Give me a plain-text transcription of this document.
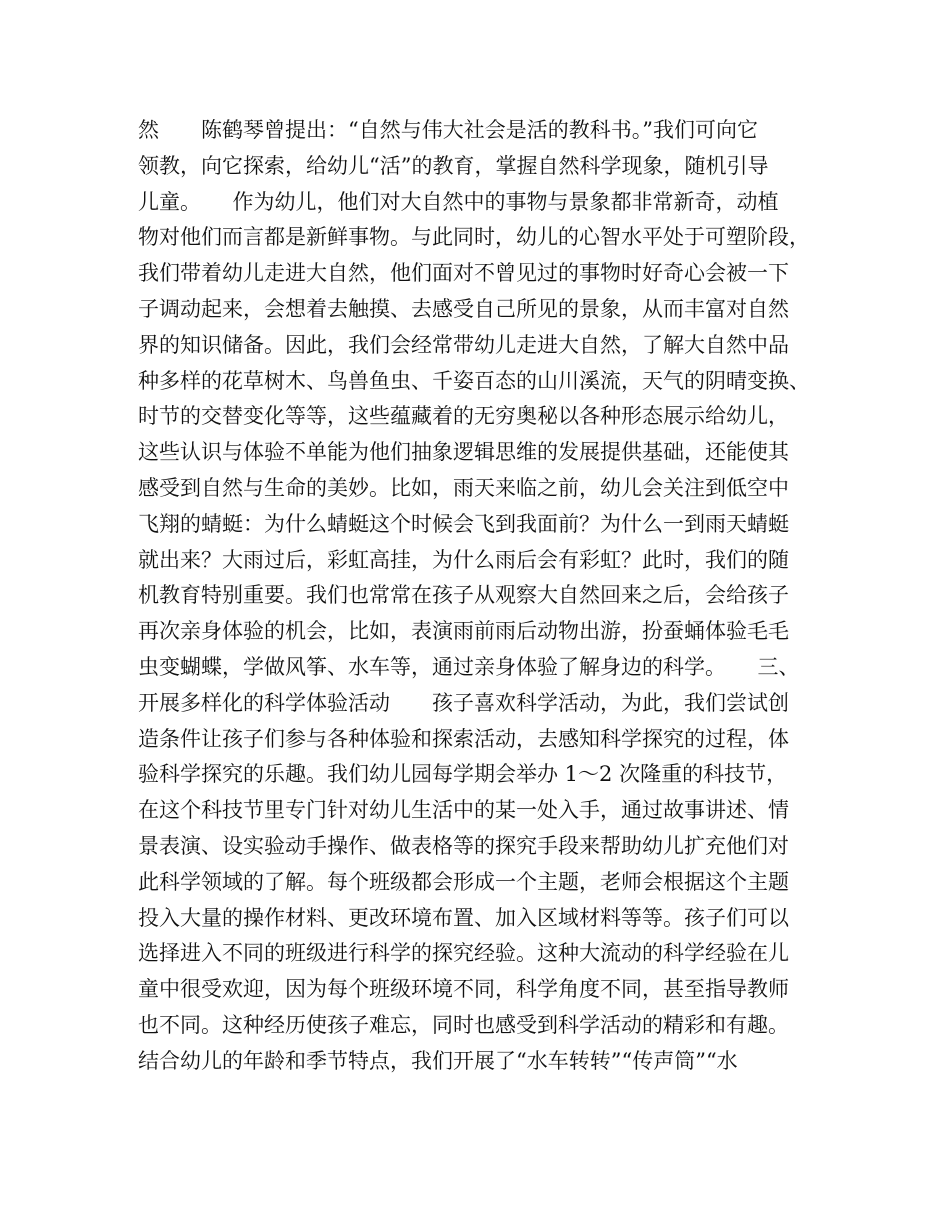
然　　陈鹤琴曾提出：“自然与伟大社会是活的教科书。”我们可向它
领教，向它探索，给幼儿“活”的教育，掌握自然科学现象，随机引导
儿童。　　作为幼儿，他们对大自然中的事物与景象都非常新奇，动植
物对他们而言都是新鲜事物。与此同时，幼儿的心智水平处于可塑阶段，
我们带着幼儿走进大自然，他们面对不曾见过的事物时好奇心会被一下
子调动起来，会想着去触摸、去感受自己所见的景象，从而丰富对自然
界的知识储备。因此，我们会经常带幼儿走进大自然，了解大自然中品
种多样的花草树木、鸟兽鱼虫、千姿百态的山川溪流，天气的阴晴变换、
时节的交替变化等等，这些蕴藏着的无穷奥秘以各种形态展示给幼儿，
这些认识与体验不单能为他们抽象逻辑思维的发展提供基础，还能使其
感受到自然与生命的美妙。比如，雨天来临之前，幼儿会关注到低空中
飞翔的蜻蜓：为什么蜻蜓这个时候会飞到我面前？为什么一到雨天蜻蜓
就出来？大雨过后，彩虹高挂，为什么雨后会有彩虹？此时，我们的随
机教育特别重要。我们也常常在孩子从观察大自然回来之后，会给孩子
再次亲身体验的机会，比如，表演雨前雨后动物出游，扮蚕蛹体验毛毛
虫变蝴蝶，学做风筝、水车等，通过亲身体验了解身边的科学。　　三、
开展多样化的科学体验活动　　孩子喜欢科学活动，为此，我们尝试创
造条件让孩子们参与各种体验和探索活动，去感知科学探究的过程，体
验科学探究的乐趣。我们幼儿园每学期会举办 1～2 次隆重的科技节，
在这个科技节里专门针对幼儿生活中的某一处入手，通过故事讲述、情
景表演、设实验动手操作、做表格等的探究手段来帮助幼儿扩充他们对
此科学领域的了解。每个班级都会形成一个主题，老师会根据这个主题
投入大量的操作材料、更改环境布置、加入区域材料等等。孩子们可以
选择进入不同的班级进行科学的探究经验。这种大流动的科学经验在儿
童中很受欢迎，因为每个班级环境不同，科学角度不同，甚至指导教师
也不同。这种经历使孩子难忘，同时也感受到科学活动的精彩和有趣。
结合幼儿的年龄和季节特点，我们开展了“水车转转”“传声筒”“水
